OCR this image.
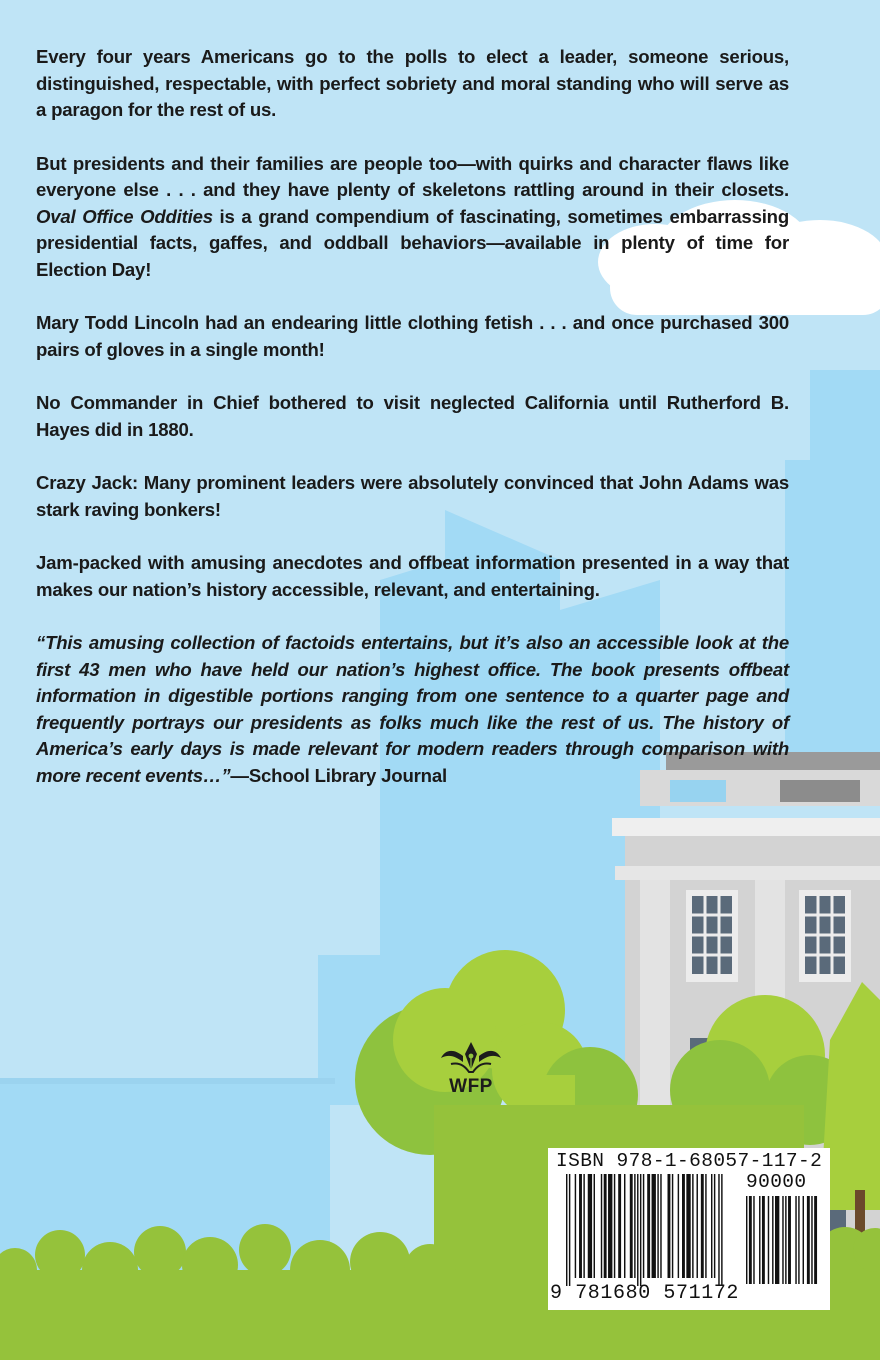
Every four years Americans go to the polls to elect a leader, someone serious, distinguished, respectable, with perfect sobriety and moral standing who will serve as a paragon for the rest of us.

But presidents and their families are people too—with quirks and character flaws like everyone else . . . and they have plenty of skeletons rattling around in their closets. Oval Office Oddities is a grand compendium of fascinating, sometimes embarrassing presidential facts, gaffes, and oddball behaviors—available in plenty of time for Election Day!

Mary Todd Lincoln had an endearing little clothing fetish . . . and once purchased 300 pairs of gloves in a single month!

No Commander in Chief bothered to visit neglected California until Rutherford B. Hayes did in 1880.

Crazy Jack: Many prominent leaders were absolutely convinced that John Adams was stark raving bonkers!

Jam-packed with amusing anecdotes and offbeat information presented in a way that makes our nation’s history accessible, relevant, and entertaining.

“This amusing collection of factoids entertains, but it’s also an accessible look at the first 43 men who have held our nation’s highest office. The book presents offbeat information in digestible portions ranging from one sentence to a quarter page and frequently portrays our presidents as folks much like the rest of us. The history of America’s early days is made relevant for modern readers through comparison with more recent events…”—School Library Journal

WFP
ISBN 978-1-68057-117-2
90000
9 781680 571172
